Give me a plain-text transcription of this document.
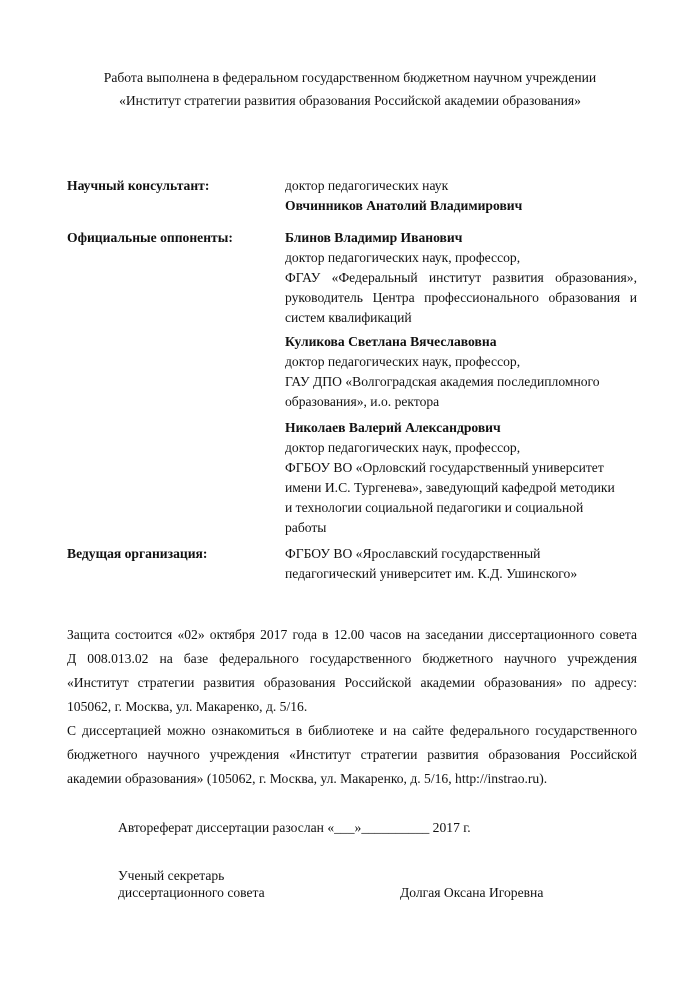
Работа выполнена в федеральном государственном бюджетном научном учреждении
«Институт стратегии развития образования Российской академии образования»
Научный консультант:	доктор педагогических наук
Овчинников Анатолий Владимирович
Официальные оппоненты:	Блинов Владимир Иванович
доктор педагогических наук, профессор,
ФГАУ «Федеральный институт развития образования»,
руководитель Центра профессионального образования и
систем квалификаций
Куликова Светлана Вячеславовна
доктор педагогических наук, профессор,
ГАУ ДПО «Волгоградская академия последипломного
образования», и.о. ректора
Николаев Валерий Александрович
доктор педагогических наук, профессор,
ФГБОУ ВО «Орловский государственный университет
имени И.С. Тургенева», заведующий кафедрой методики
и технологии социальной педагогики и социальной
работы
Ведущая организация:	ФГБОУ ВО «Ярославский государственный
педагогический университет им. К.Д. Ушинского»
Защита состоится «02» октября 2017 года в 12.00 часов на заседании диссертационного совета
Д 008.013.02 на базе федерального государственного бюджетного научного учреждения
«Институт стратегии развития образования Российской академии образования» по адресу:
105062, г. Москва, ул. Макаренко, д. 5/16.
С диссертацией можно ознакомиться в библиотеке и на сайте федерального государственного
бюджетного научного учреждения «Институт стратегии развития образования Российской
академии образования» (105062, г. Москва, ул. Макаренко, д. 5/16, http://instrao.ru).
Автореферат диссертации разослан «___»__________ 2017 г.
Ученый секретарь
диссертационного совета	Долгая Оксана Игоревна
